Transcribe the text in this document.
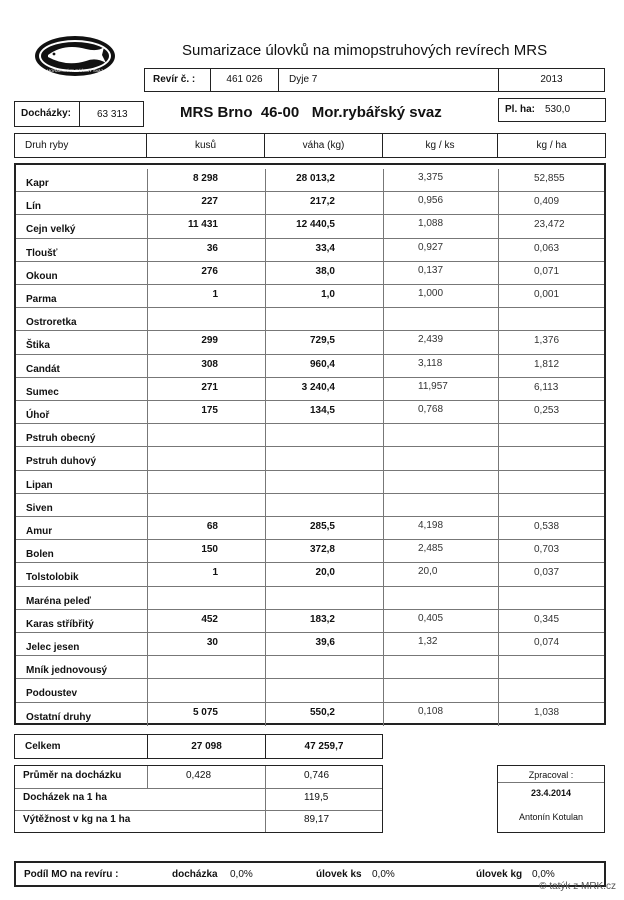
MORAVSKÝ RYBÁŘSKÝ SVAZ
Sumarizace úlovků na mimopstruhových revírech MRS
Revír č. :	461 026	Dyje 7	2013
Docházky:	63 313	MRS Brno  46-00   Mor.rybářský svaz	Pl. ha: 530,0
Druh ryby	kusů	váha (kg)	kg / ks	kg / ha
Kapr	8 298	28 013,2	3,375	52,855
Lín	227	217,2	0,956	0,409
Cejn velký	11 431	12 440,5	1,088	23,472
Tloušť	36	33,4	0,927	0,063
Okoun	276	38,0	0,137	0,071
Parma	1	1,0	1,000	0,001
Ostroretka
Štika	299	729,5	2,439	1,376
Candát	308	960,4	3,118	1,812
Sumec	271	3 240,4	11,957	6,113
Úhoř	175	134,5	0,768	0,253
Pstruh obecný
Pstruh duhový
Lipan
Siven
Amur	68	285,5	4,198	0,538
Bolen	150	372,8	2,485	0,703
Tolstolobik	1	20,0	20,0	0,037
Maréna peleď
Karas stříbřitý	452	183,2	0,405	0,345
Jelec jesen	30	39,6	1,32	0,074
Mník jednovousý
Podoustev
Ostatní druhy	5 075	550,2	0,108	1,038
Celkem	27 098	47 259,7
Průměr na docházku	0,428	0,746
Docházek na 1 ha	119,5
Výtěžnost v kg na 1 ha	89,17
Zpracoval :
23.4.2014
Antonín Kotulan
Podíl MO na revíru :	docházka 0,0%	úlovek ks 0,0%	úlovek kg 0,0%
© tatýk z MRK.cz
